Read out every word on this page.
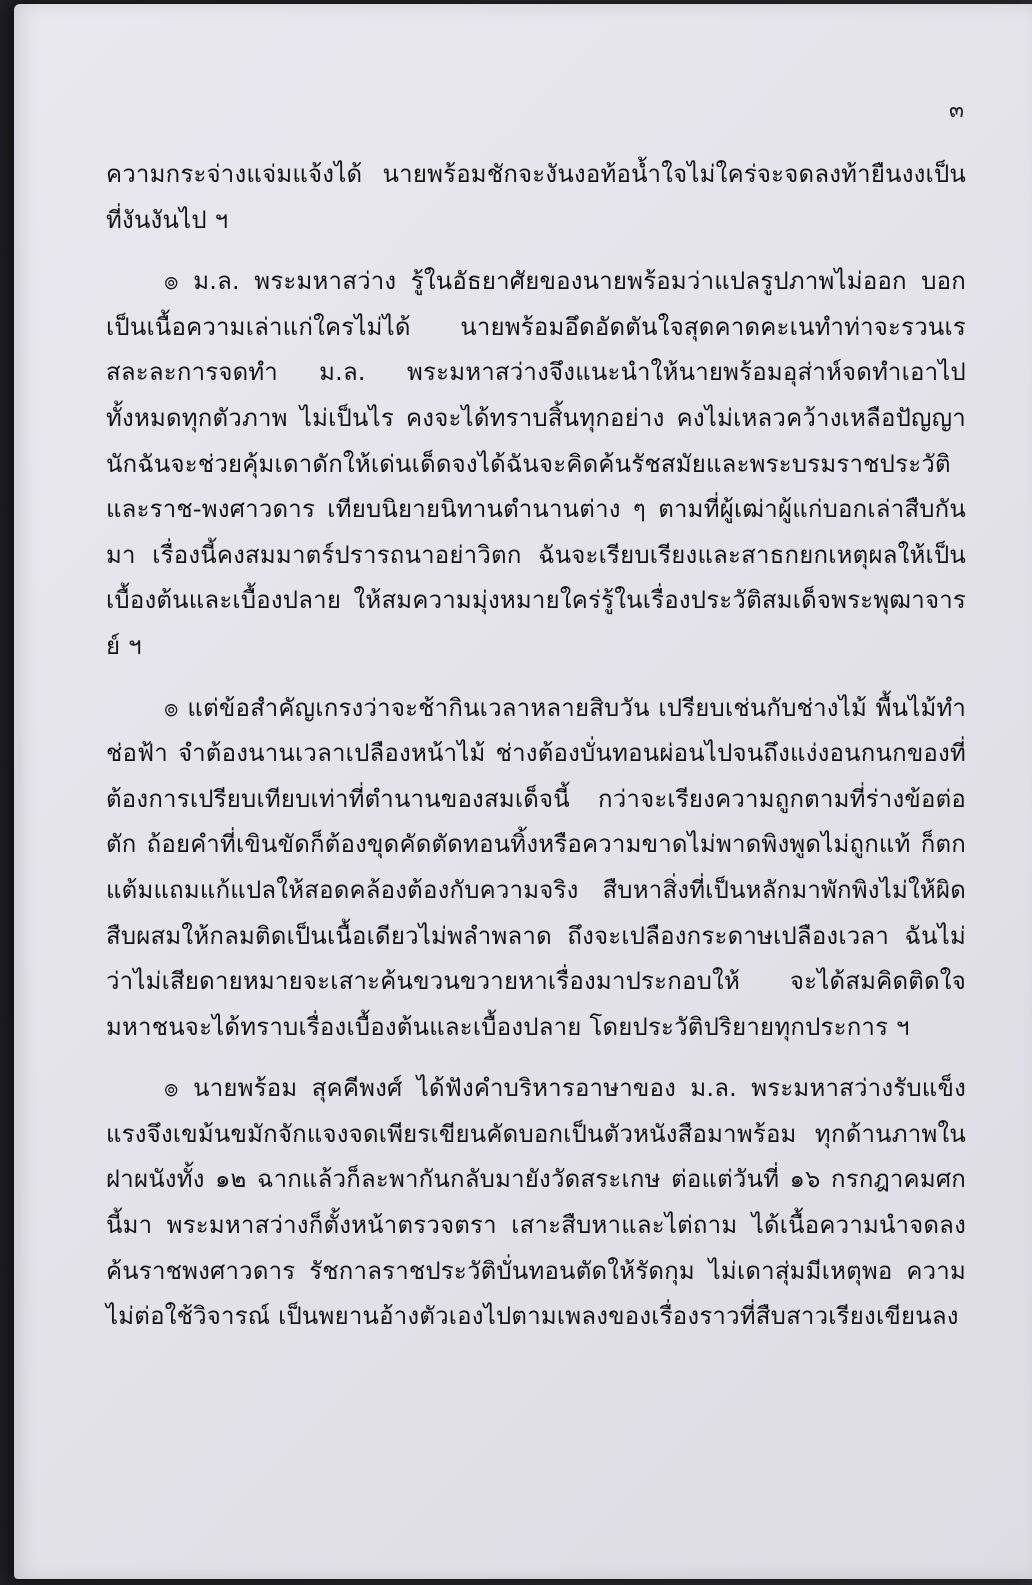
๓

ความกระจ่างแจ่มแจ้งได้ นายพร้อมชักจะงันงอท้อน้ำใจไม่ใคร่จะจดลงท้ายืนงงเป็นที่งันงันไป ฯ

๏ ม.ล. พระมหาสว่าง รู้ในอัธยาศัยของนายพร้อมว่าแปลรูปภาพไม่ออก บอกเป็นเนื้อความเล่าแก่ใครไม่ได้ นายพร้อมอึดอัดตันใจสุดคาดคะเนทำท่าจะรวนเรสละละการจดทำ ม.ล. พระมหาสว่างจึงแนะนำให้นายพร้อมอุส่าห์จดทำเอาไปทั้งหมดทุกตัวภาพ ไม่เป็นไร คงจะได้ทราบสิ้นทุกอย่าง คงไม่เหลวคว้างเหลือปัญญานักฉันจะช่วยคุ้มเดาดักให้เด่นเด็ดจงได้ฉันจะคิดค้นรัชสมัยและพระบรมราชประวัติและราช-พงศาวดาร เทียบนิยายนิทานตำนานต่าง ๆ ตามที่ผู้เฒ่าผู้แก่บอกเล่าสืบกันมา เรื่องนี้คงสมมาตร์ปรารถนาอย่าวิตก ฉันจะเรียบเรียงและสาธกยกเหตุผลให้เป็นเบื้องต้นและเบื้องปลาย ให้สมความมุ่งหมายใคร่รู้ในเรื่องประวัติสมเด็จพระพุฒาจารย์ ฯ

๏ แต่ข้อสำคัญเกรงว่าจะช้ากินเวลาหลายสิบวัน เปรียบเช่นกับช่างไม้ พื้นไม้ทำช่อฟ้า จำต้องนานเวลาเปลืองหน้าไม้ ช่างต้องบั่นทอนผ่อนไปจนถึงแง่งอนกนกของที่ต้องการเปรียบเทียบเท่าที่ตำนานของสมเด็จนี้ กว่าจะเรียงความถูกตามที่ร่างข้อต่อตัก ถ้อยคำที่เขินขัดก็ต้องขุดคัดตัดทอนทิ้งหรือความขาดไม่พาดพิงพูดไม่ถูกแท้ ก็ตกแต้มแถมแก้แปลให้สอดคล้องต้องกับความจริง สืบหาสิ่งที่เป็นหลักมาพักพิงไม่ให้ผิดสืบผสมให้กลมติดเป็นเนื้อเดียวไม่พลำพลาด ถึงจะเปลืองกระดาษเปลืองเวลา ฉันไม่ว่าไม่เสียดายหมายจะเสาะค้นขวนขวายหาเรื่องมาประกอบให้ จะได้สมคิดติดใจมหาชนจะได้ทราบเรื่องเบื้องต้นและเบื้องปลาย โดยประวัติปริยายทุกประการ ฯ

๏ นายพร้อม สุคคีพงศ์ ได้ฟังคำบริหารอาษาของ ม.ล. พระมหาสว่างรับแข็งแรงจึงเขม้นขมักจักแจงจดเพียรเขียนคัดบอกเป็นตัวหนังสือมาพร้อม ทุกด้านภาพในฝาผนังทั้ง ๑๒ ฉากแล้วก็ละพากันกลับมายังวัดสระเกษ ต่อแต่วันที่ ๑๖ กรกฎาคมศกนี้มา พระมหาสว่างก็ตั้งหน้าตรวจตรา เสาะสืบหาและไต่ถาม ได้เนื้อความนำจดลงค้นราชพงศาวดาร รัชกาลราชประวัติบั่นทอนตัดให้รัดกุม ไม่เดาสุ่มมีเหตุพอ ความไม่ต่อใช้วิจารณ์ เป็นพยานอ้างตัวเองไปตามเพลงของเรื่องราวที่สืบสาวเรียงเขียนลง
